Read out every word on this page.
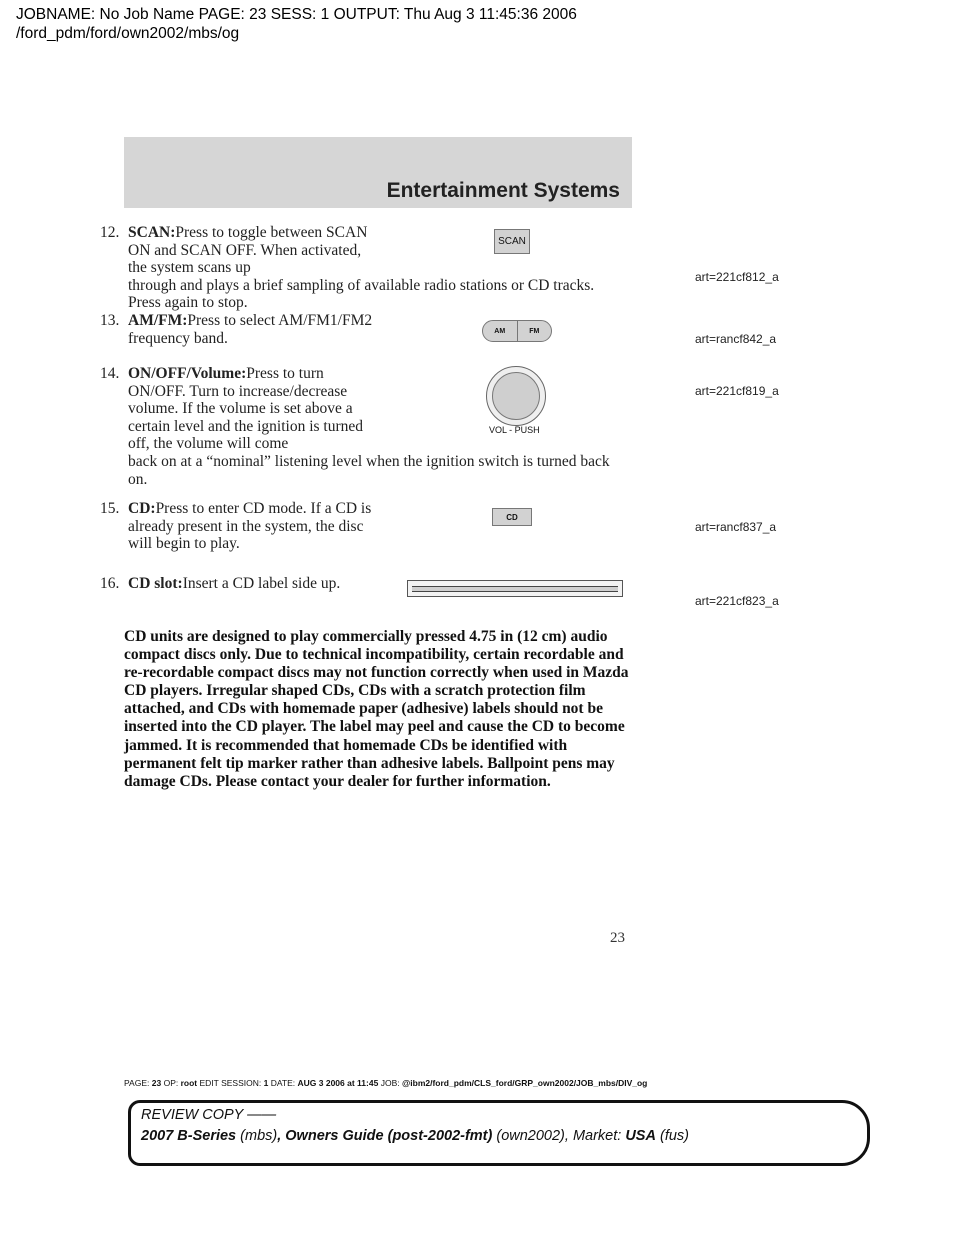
JOBNAME: No Job Name PAGE: 23 SESS: 1 OUTPUT: Thu Aug 3 11:45:36 2006
/ford_pdm/ford/own2002/mbs/og
Entertainment Systems
12. SCAN:Press to toggle between SCAN ON and SCAN OFF. When activated, the system scans up
through and plays a brief sampling of available radio stations or CD tracks. Press again to stop.
SCAN
art=221cf812_a
13. AM/FM:Press to select AM/FM1/FM2 frequency band.	AM	FM
art=rancf842_a
14. ON/OFF/Volume:Press to turn ON/OFF. Turn to increase/decrease volume. If the volume is set above a certain level and the ignition is turned off, the volume will come
back on at a “nominal” listening level when the ignition switch is turned back on.
VOL - PUSH
art=221cf819_a
15. CD:Press to enter CD mode. If a CD is already present in the system, the disc will begin to play.
CD
art=rancf837_a
16. CD slot:Insert a CD label side up.
art=221cf823_a
CD units are designed to play commercially pressed 4.75 in (12 cm) audio compact discs only. Due to technical incompatibility, certain recordable and re-recordable compact discs may not function correctly when used in Mazda CD players. Irregular shaped CDs, CDs with a scratch protection film attached, and CDs with homemade paper (adhesive) labels should not be inserted into the CD player. The label may peel and cause the CD to become jammed. It is recommended that homemade CDs be identified with permanent felt tip marker rather than adhesive labels. Ballpoint pens may damage CDs. Please contact your dealer for further information.
23
PAGE: 23 OP: root EDIT SESSION: 1 DATE: AUG 3 2006 at 11:45 JOB: @ibm2/ford_pdm/CLS_ford/GRP_own2002/JOB_mbs/DIV_og
REVIEW COPY ——
2007 B-Series (mbs), Owners Guide (post-2002-fmt) (own2002), Market: USA (fus)
